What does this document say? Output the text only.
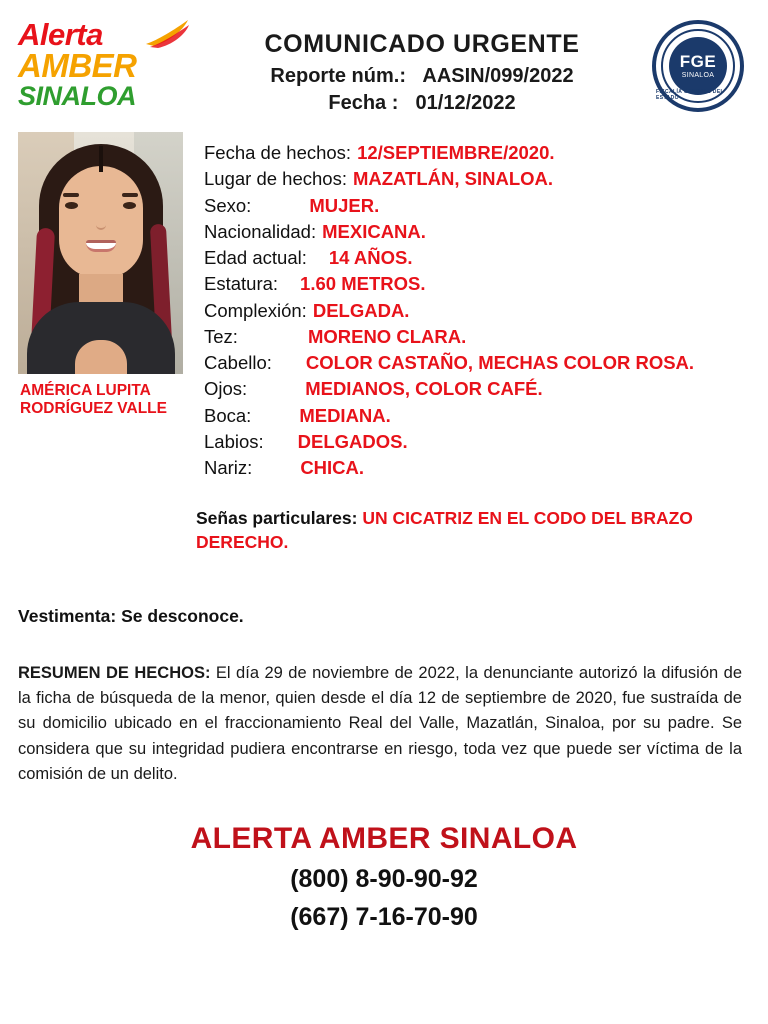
Alerta
AMBER
SINALOA
COMUNICADO URGENTE
Reporte núm.: AASIN/099/2022
Fecha : 01/12/2022
FGE
SINALOA
FISCALÍA GENERAL DEL ESTADO
AMÉRICA LUPITA
RODRÍGUEZ VALLE
Fecha de hechos: 12/SEPTIEMBRE/2020.
Lugar de hechos: MAZATLÁN, SINALOA.
Sexo:	MUJER.
Nacionalidad: MEXICANA.
Edad actual: 14 AÑOS.
Estatura: 1.60 METROS.
Complexión: DELGADA.
Tez:	MORENO CLARA.
Cabello: COLOR CASTAÑO, MECHAS COLOR ROSA.
Ojos:	MEDIANOS, COLOR CAFÉ.
Boca:	MEDIANA.
Labios: DELGADOS.
Nariz:	CHICA.
Señas particulares: UN CICATRIZ EN EL CODO DEL BRAZO DERECHO.
Vestimenta: Se desconoce.
RESUMEN DE HECHOS: El día 29 de noviembre de 2022, la denunciante autorizó la difusión de la ficha de búsqueda de la menor, quien desde el día 12 de septiembre de 2020, fue sustraída de su domicilio ubicado en el fraccionamiento Real del Valle, Mazatlán, Sinaloa, por su padre. Se considera que su integridad pudiera encontrarse en riesgo, toda vez que puede ser víctima de la comisión de un delito.
ALERTA AMBER SINALOA
(800) 8-90-90-92
(667) 7-16-70-90
